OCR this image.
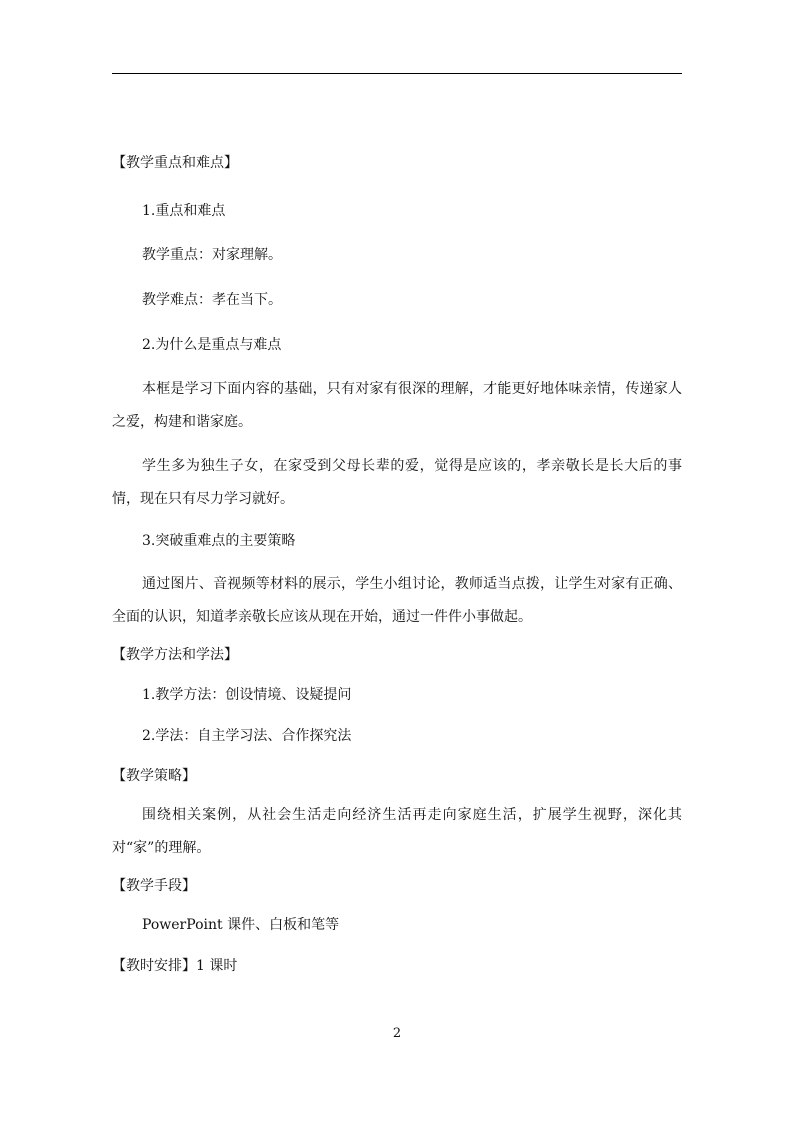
【教学重点和难点】
1.重点和难点
教学重点：对家理解。
教学难点：孝在当下。
2.为什么是重点与难点
本框是学习下面内容的基础，只有对家有很深的理解，才能更好地体味亲情，传递家人之爱，构建和谐家庭。
学生多为独生子女，在家受到父母长辈的爱，觉得是应该的，孝亲敬长是长大后的事情，现在只有尽力学习就好。
3.突破重难点的主要策略
通过图片、音视频等材料的展示，学生小组讨论，教师适当点拨，让学生对家有正确、全面的认识，知道孝亲敬长应该从现在开始，通过一件件小事做起。
【教学方法和学法】
1.教学方法：创设情境、设疑提问
2.学法：自主学习法、合作探究法
【教学策略】
围绕相关案例，从社会生活走向经济生活再走向家庭生活，扩展学生视野，深化其对“家”的理解。
【教学手段】
PowerPoint 课件、白板和笔等
【教时安排】1 课时
2
